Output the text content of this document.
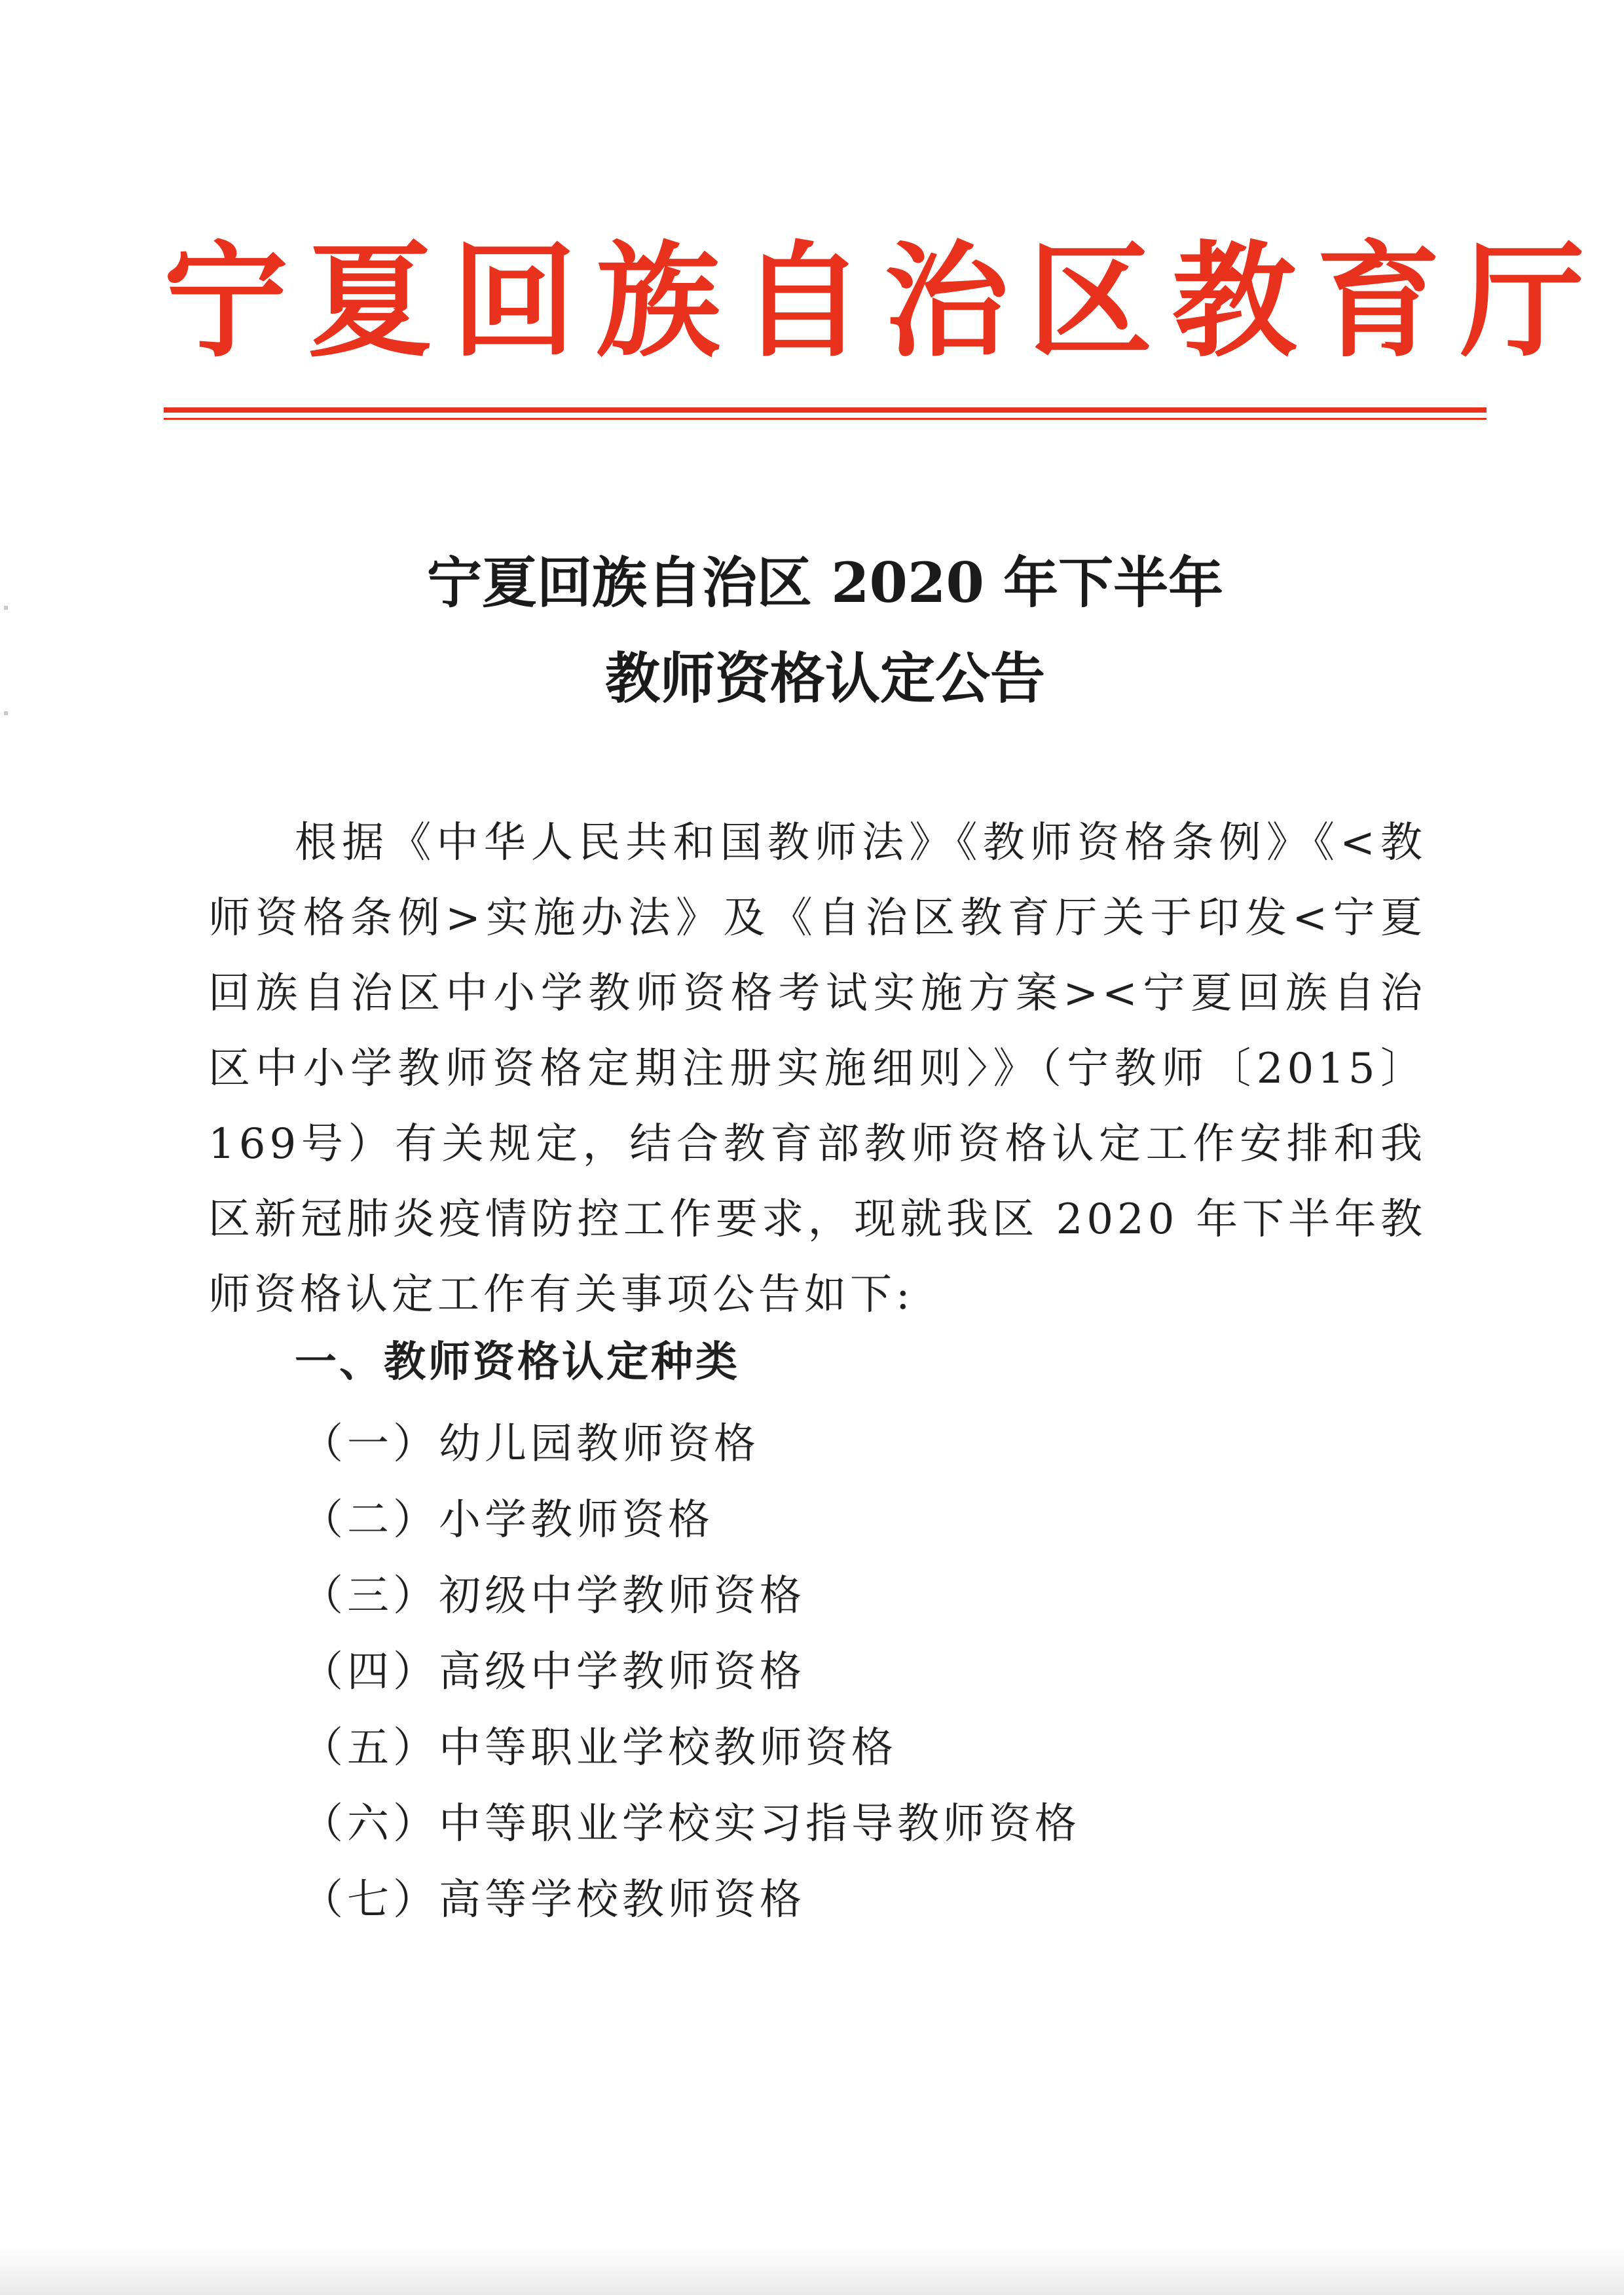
宁夏回族自治区教育厅
宁夏回族自治区 2020 年下半年
教师资格认定公告
根据《中华人民共和国教师法》《教师资格条例》《<教师资格条例>实施办法》及《自治区教育厅关于印发<宁夏回族自治区中小学教师资格考试实施方案><宁夏回族自治区中小学教师资格定期注册实施细则〉》（宁教师〔2015〕169号）有关规定，结合教育部教师资格认定工作安排和我区新冠肺炎疫情防控工作要求，现就我区 2020 年下半年教师资格认定工作有关事项公告如下:
一、教师资格认定种类
（一）幼儿园教师资格
（二）小学教师资格
（三）初级中学教师资格
（四）高级中学教师资格
（五）中等职业学校教师资格
（六）中等职业学校实习指导教师资格
（七）高等学校教师资格
